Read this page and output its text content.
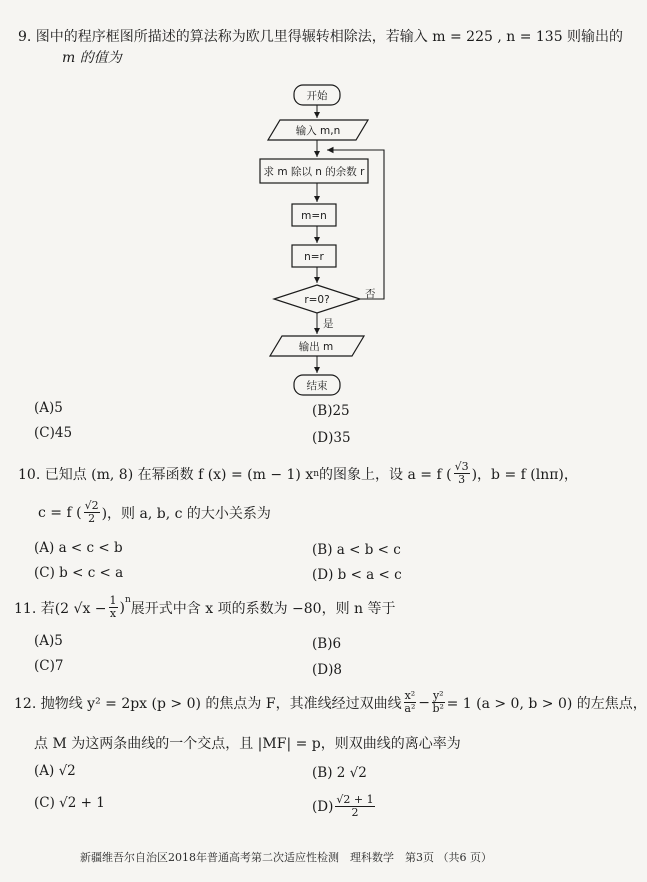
9. 图中的程序框图所描述的算法称为欧几里得辗转相除法，若输入 m = 225 , n = 135 则输出的
m 的值为
开始
输入 m,n
求 m 除以 n 的余数 r
m=n
n=r
r=0?	否
是
输出 m
结束
(A)5	(B)25
(C)45	(D)35
10. 已知点 (m, 8) 在幂函数 f (x) = (m − 1) x n 的图象上，设 a = f ( $\frac{√3}{3}$ )，b = f (lnπ)，
c = f ( $\frac{√2}{2}$ )，则 a, b, c 的大小关系为
(A) a < c < b	(B) a < b < c
(C) b < c < a	(D) b < a < c
11. 若(2 $√x - \frac{1}{x} )^n$
展开式中含 x 项的系数为 −80，则 n 等于
(A)5	(B)6
(C)7	(D)8
12. 抛物线 y² = 2px (p > 0) 的焦点为 F，其准线经过双曲线 $\frac{\text{x²}}{\text{a²}} - \frac{\text{y²}}{\text{b²}} = 1$ (a > 0, b > 0) 的左焦点，
点 M 为这两条曲线的一个交点，且 |MF| = p，则双曲线的离心率为
(A) √2	(B) 2 √2
(C) √2 + 1	$(D) \frac{√2 + 1}{2}$
新疆维吾尔自治区2018年普通高考第二次适应性检测　理科数学　第3页 （共6 页）
